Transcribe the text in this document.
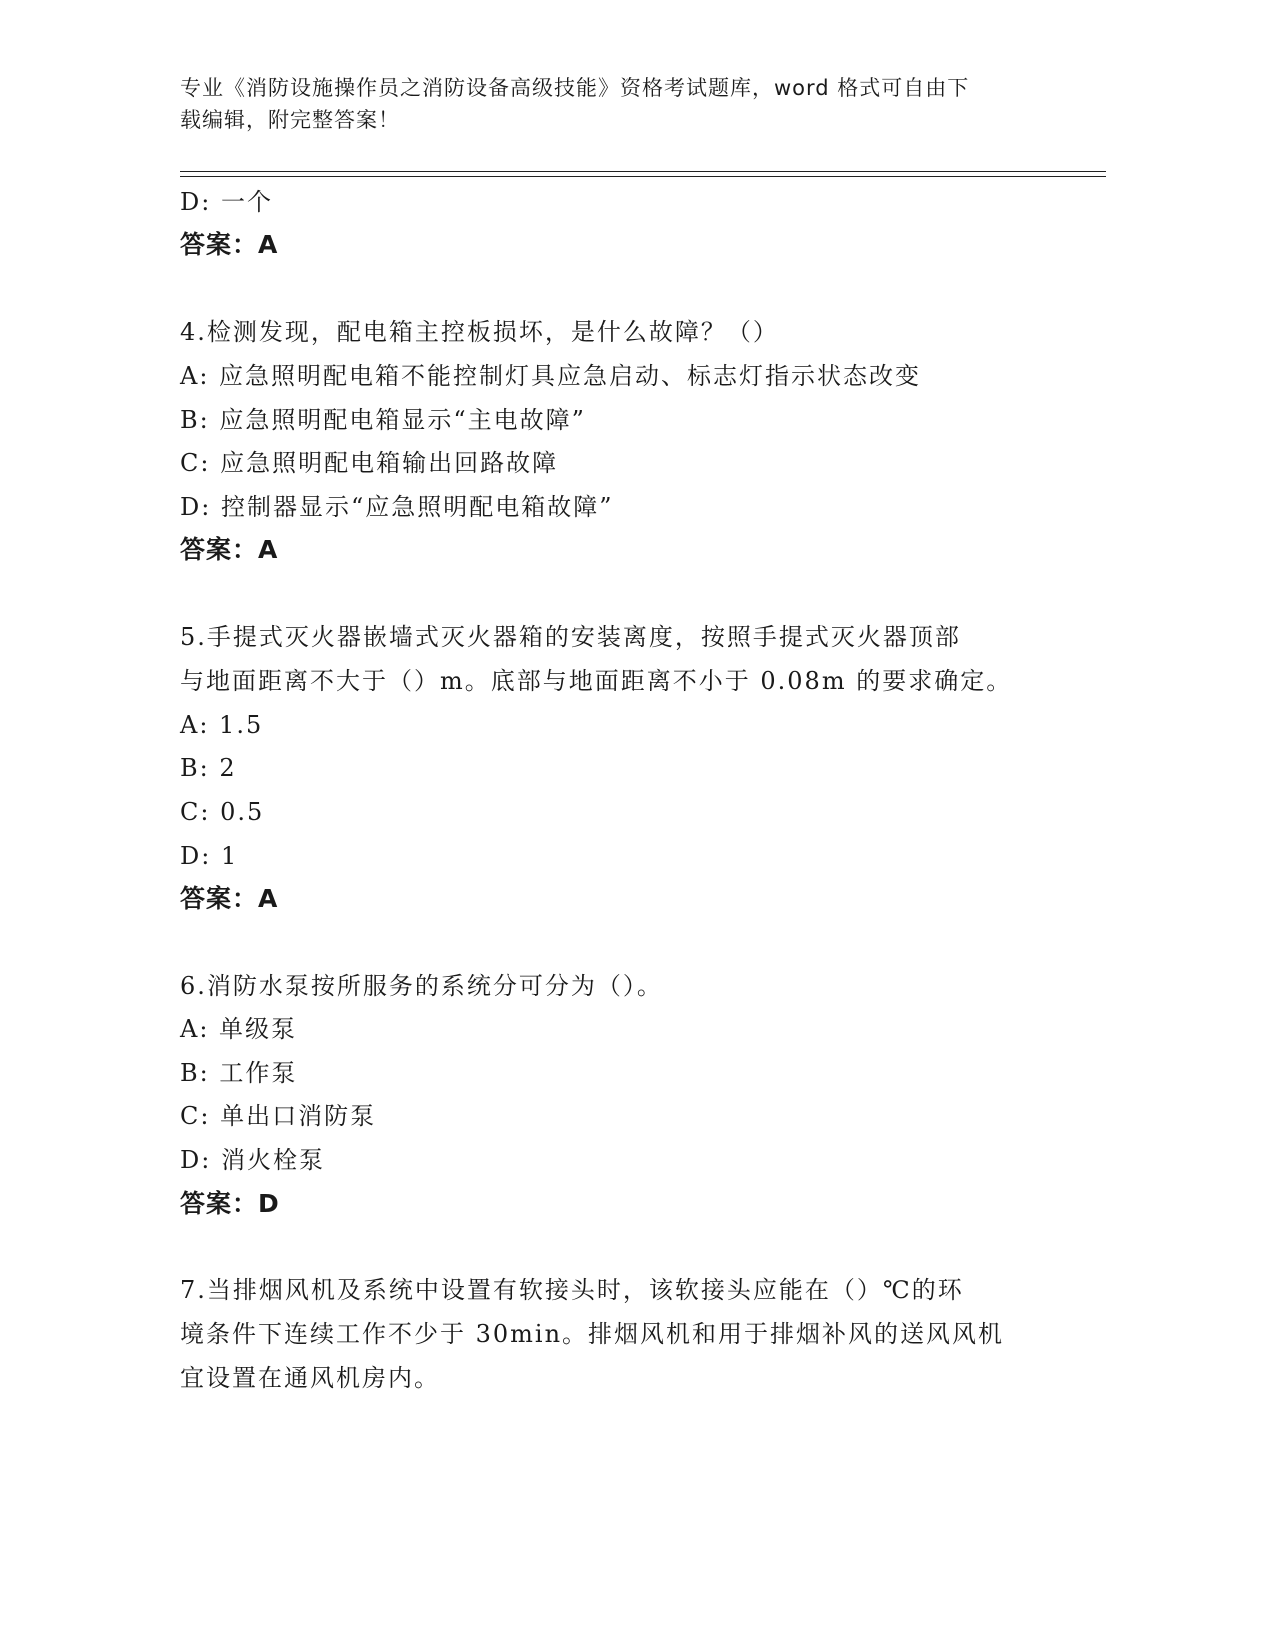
专业《消防设施操作员之消防设备高级技能》资格考试题库，word 格式可自由下
载编辑，附完整答案！
D: 一个
答案：A
4.检测发现，配电箱主控板损坏，是什么故障？（）
A: 应急照明配电箱不能控制灯具应急启动、标志灯指示状态改变
B: 应急照明配电箱显示“主电故障”
C: 应急照明配电箱输出回路故障
D: 控制器显示“应急照明配电箱故障”
答案：A
5.手提式灭火器嵌墙式灭火器箱的安装离度，按照手提式灭火器顶部
与地面距离不大于（）m。底部与地面距离不小于 0.08m 的要求确定。
A: 1.5
B: 2
C: 0.5
D: 1
答案：A
6.消防水泵按所服务的系统分可分为（）。
A: 单级泵
B: 工作泵
C: 单出口消防泵
D: 消火栓泵
答案：D
7.当排烟风机及系统中设置有软接头时，该软接头应能在（）℃的环
境条件下连续工作不少于 30min。排烟风机和用于排烟补风的送风风机
宜设置在通风机房内。
